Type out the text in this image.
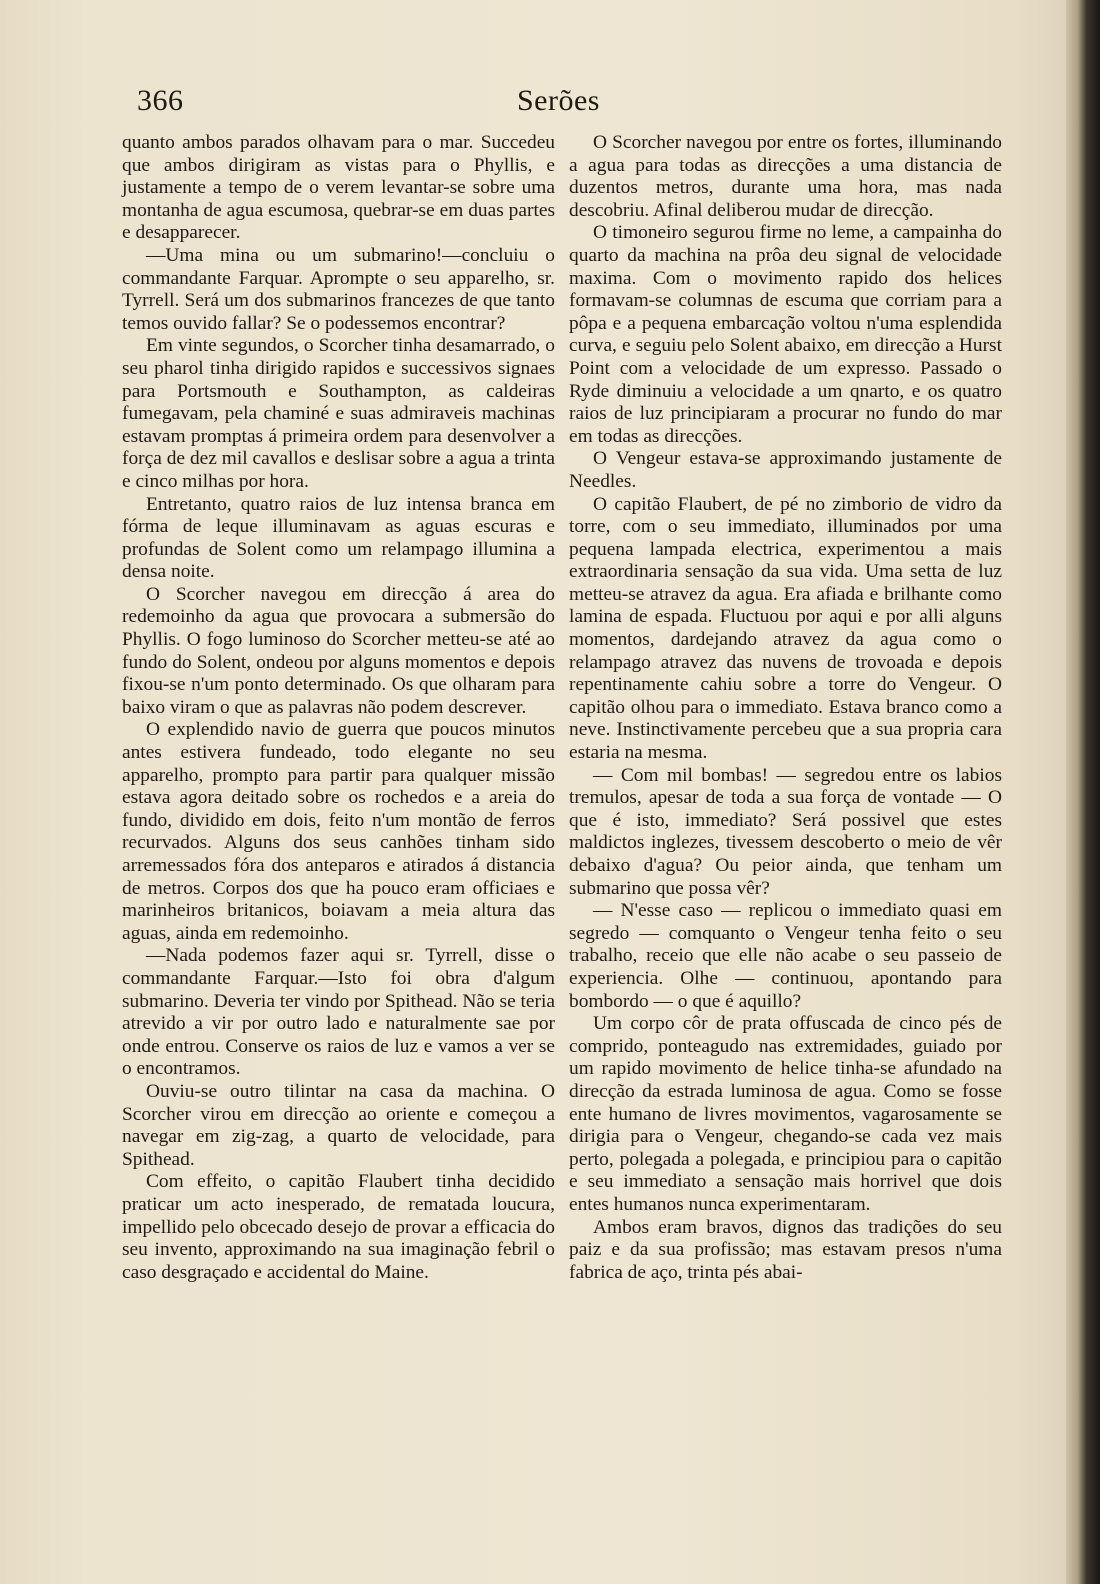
366	Serões

quanto ambos parados olhavam para o mar. Succedeu que ambos dirigiram as vistas para o Phyllis, e justamente a tempo de o verem levantar-se sobre uma montanha de agua escumosa, quebrar-se em duas partes e desapparecer.

—Uma mina ou um submarino!—concluiu o commandante Farquar. Aprompte o seu apparelho, sr. Tyrrell. Será um dos submarinos francezes de que tanto temos ouvido fallar? Se o podessemos encontrar?

Em vinte segundos, o Scorcher tinha desamarrado, o seu pharol tinha dirigido rapidos e successivos signaes para Portsmouth e Southampton, as caldeiras fumegavam, pela chaminé e suas admiraveis machinas estavam promptas á primeira ordem para desenvolver a força de dez mil cavallos e deslisar sobre a agua a trinta e cinco milhas por hora.

Entretanto, quatro raios de luz intensa branca em fórma de leque illuminavam as aguas escuras e profundas de Solent como um relampago illumina a densa noite.

O Scorcher navegou em direcção á area do redemoinho da agua que provocara a submersão do Phyllis. O fogo luminoso do Scorcher metteu-se até ao fundo do Solent, ondeou por alguns momentos e depois fixou-se n'um ponto determinado. Os que olharam para baixo viram o que as palavras não podem descrever.

O explendido navio de guerra que poucos minutos antes estivera fundeado, todo elegante no seu apparelho, prompto para partir para qualquer missão estava agora deitado sobre os rochedos e a areia do fundo, dividido em dois, feito n'um montão de ferros recurvados. Alguns dos seus canhões tinham sido arremessados fóra dos anteparos e atirados á distancia de metros. Corpos dos que ha pouco eram officiaes e marinheiros britanicos, boiavam a meia altura das aguas, ainda em redemoinho.

—Nada podemos fazer aqui sr. Tyrrell, disse o commandante Farquar.—Isto foi obra d'algum submarino. Deveria ter vindo por Spithead. Não se teria atrevido a vir por outro lado e naturalmente sae por onde entrou. Conserve os raios de luz e vamos a ver se o encontramos.

Ouviu-se outro tilintar na casa da machina. O Scorcher virou em direcção ao oriente e começou a navegar em zig-zag, a quarto de velocidade, para Spithead.

Com effeito, o capitão Flaubert tinha decidido praticar um acto inesperado, de rematada loucura, impellido pelo obcecado desejo de provar a efficacia do seu invento, approximando na sua imaginação febril o caso desgraçado e accidental do Maine.

O Scorcher navegou por entre os fortes, illuminando a agua para todas as direcções a uma distancia de duzentos metros, durante uma hora, mas nada descobriu. Afinal deliberou mudar de direcção.

O timoneiro segurou firme no leme, a campainha do quarto da machina na prôa deu signal de velocidade maxima. Com o movimento rapido dos helices formavam-se columnas de escuma que corriam para a pôpa e a pequena embarcação voltou n'uma esplendida curva, e seguiu pelo Solent abaixo, em direcção a Hurst Point com a velocidade de um expresso. Passado o Ryde diminuiu a velocidade a um qnarto, e os quatro raios de luz principiaram a procurar no fundo do mar em todas as direcções.

O Vengeur estava-se approximando justamente de Needles.

O capitão Flaubert, de pé no zimborio de vidro da torre, com o seu immediato, illuminados por uma pequena lampada electrica, experimentou a mais extraordinaria sensação da sua vida. Uma setta de luz metteu-se atravez da agua. Era afiada e brilhante como lamina de espada. Fluctuou por aqui e por alli alguns momentos, dardejando atravez da agua como o relampago atravez das nuvens de trovoada e depois repentinamente cahiu sobre a torre do Vengeur. O capitão olhou para o immediato. Estava branco como a neve. Instinctivamente percebeu que a sua propria cara estaria na mesma.

— Com mil bombas! — segredou entre os labios tremulos, apesar de toda a sua força de vontade — O que é isto, immediato? Será possivel que estes maldictos inglezes, tivessem descoberto o meio de vêr debaixo d'agua? Ou peior ainda, que tenham um submarino que possa vêr?

— N'esse caso — replicou o immediato quasi em segredo — comquanto o Vengeur tenha feito o seu trabalho, receio que elle não acabe o seu passeio de experiencia. Olhe — continuou, apontando para bombordo — o que é aquillo?

Um corpo côr de prata offuscada de cinco pés de comprido, ponteagudo nas extremidades, guiado por um rapido movimento de helice tinha-se afundado na direcção da estrada luminosa de agua. Como se fosse ente humano de livres movimentos, vagarosamente se dirigia para o Vengeur, chegando-se cada vez mais perto, polegada a polegada, e principiou para o capitão e seu immediato a sensação mais horrivel que dois entes humanos nunca experimentaram.

Ambos eram bravos, dignos das tradições do seu paiz e da sua profissão; mas estavam presos n'uma fabrica de aço, trinta pés abai-
